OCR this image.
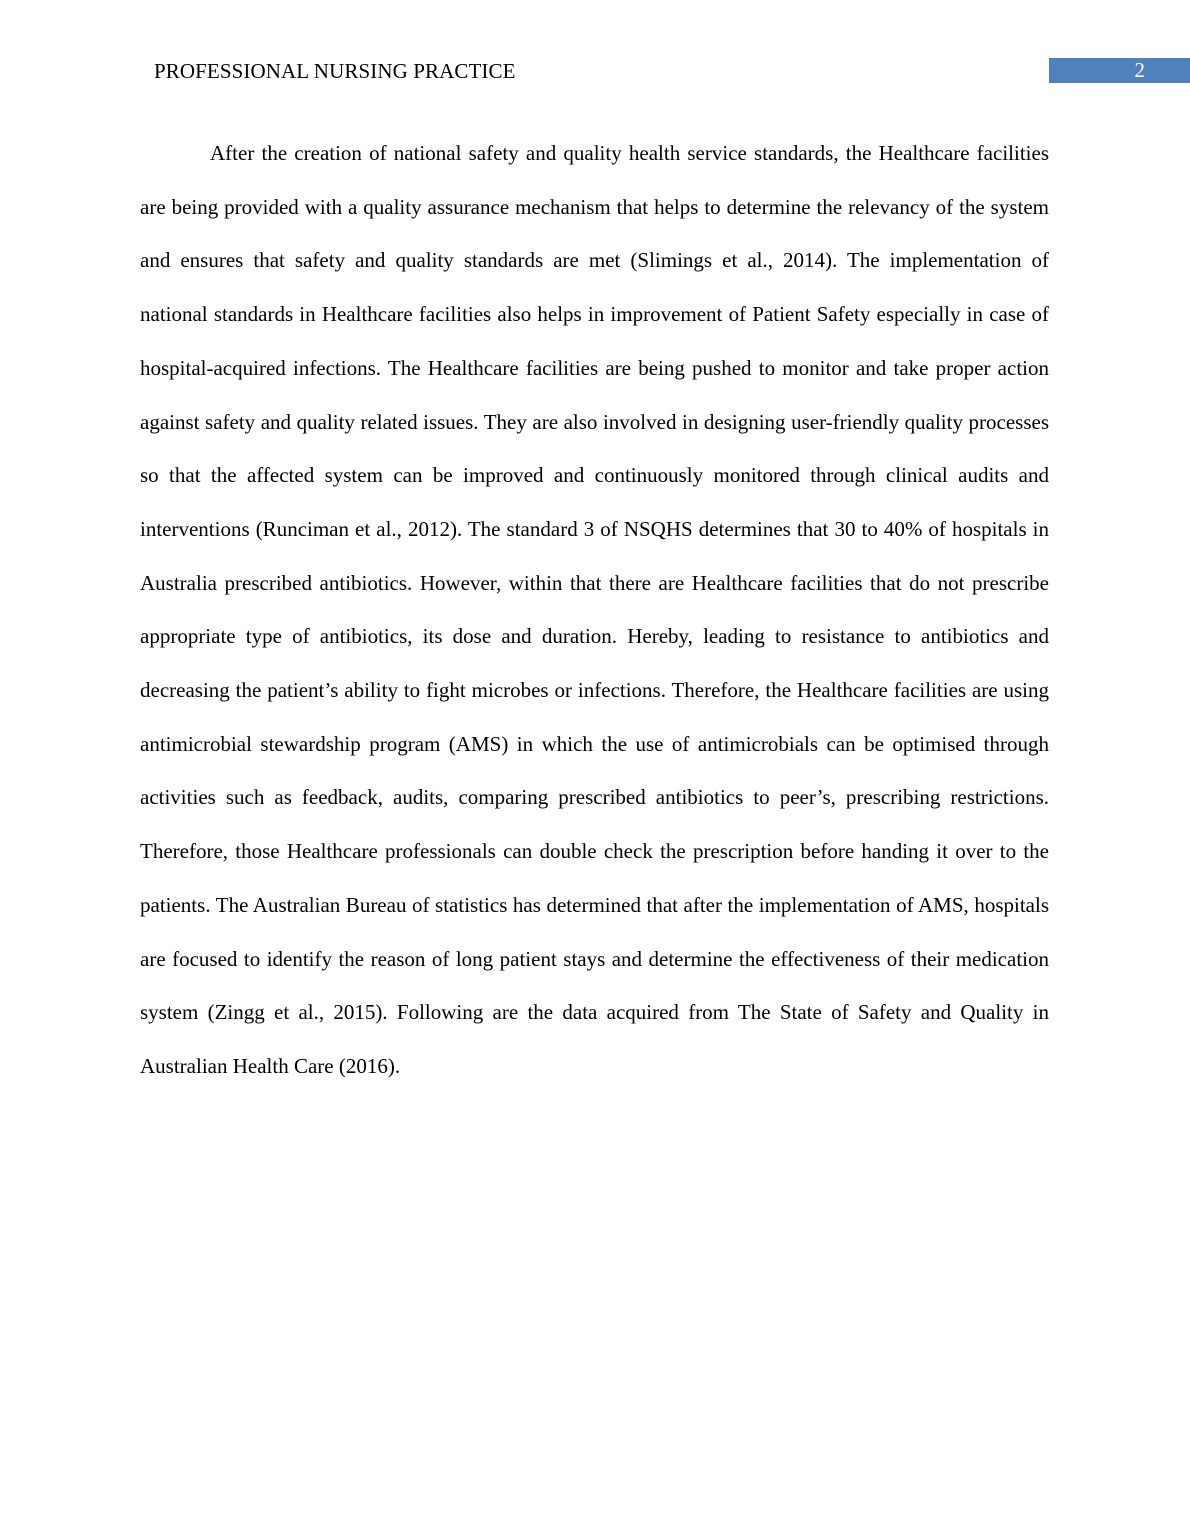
PROFESSIONAL NURSING PRACTICE	2

After the creation of national safety and quality health service standards, the Healthcare facilities are being provided with a quality assurance mechanism that helps to determine the relevancy of the system and ensures that safety and quality standards are met (Slimings et al., 2014). The implementation of national standards in Healthcare facilities also helps in improvement of Patient Safety especially in case of hospital-acquired infections. The Healthcare facilities are being pushed to monitor and take proper action against safety and quality related issues. They are also involved in designing user-friendly quality processes so that the affected system can be improved and continuously monitored through clinical audits and interventions (Runciman et al., 2012). The standard 3 of NSQHS determines that 30 to 40% of hospitals in Australia prescribed antibiotics. However, within that there are Healthcare facilities that do not prescribe appropriate type of antibiotics, its dose and duration. Hereby, leading to resistance to antibiotics and decreasing the patient’s ability to fight microbes or infections. Therefore, the Healthcare facilities are using antimicrobial stewardship program (AMS) in which the use of antimicrobials can be optimised through activities such as feedback, audits, comparing prescribed antibiotics to peer’s, prescribing restrictions. Therefore, those Healthcare professionals can double check the prescription before handing it over to the patients. The Australian Bureau of statistics has determined that after the implementation of AMS, hospitals are focused to identify the reason of long patient stays and determine the effectiveness of their medication system (Zingg et al., 2015). Following are the data acquired from The State of Safety and Quality in Australian Health Care (2016).
